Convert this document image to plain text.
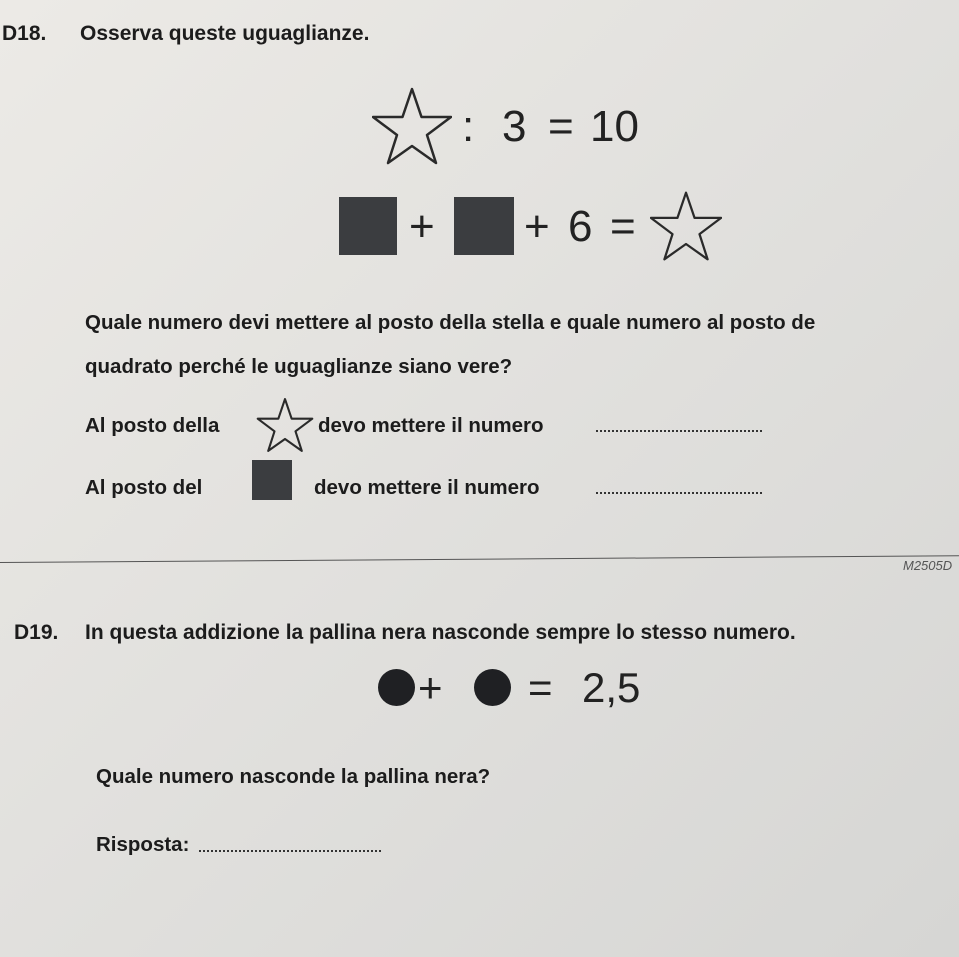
D18. Osserva queste uguaglianze.
: 3 = 10
+ + 6 =
Quale numero devi mettere al posto della stella e quale numero al posto de
quadrato perché le uguaglianze siano vere?
Al posto della	devo mettere il numero
Al posto del	devo mettere il numero
M2505D
D19. In questa addizione la pallina nera nasconde sempre lo stesso numero.
+ = 2,5
Quale numero nasconde la pallina nera?
Risposta:
